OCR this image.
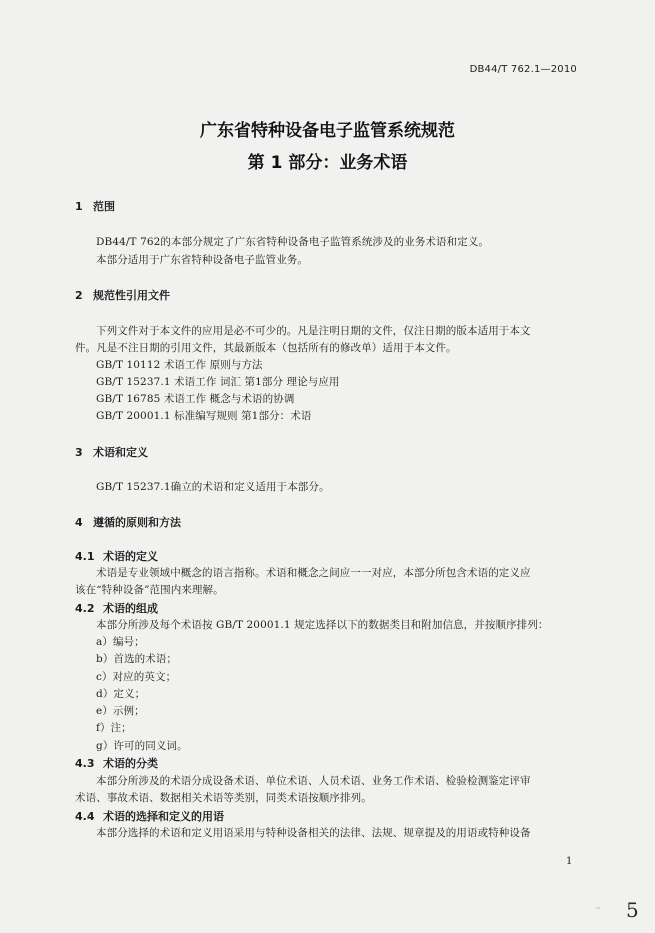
DB44/T 762.1—2010
广东省特种设备电子监管系统规范
第 1 部分：业务术语
1 范围
DB44/T 762的本部分规定了广东省特种设备电子监管系统涉及的业务术语和定义。
本部分适用于广东省特种设备电子监管业务。
2 规范性引用文件
下列文件对于本文件的应用是必不可少的。凡是注明日期的文件，仅注日期的版本适用于本文
件。凡是不注日期的引用文件，其最新版本（包括所有的修改单）适用于本文件。
GB/T 10112 术语工作 原则与方法
GB/T 15237.1 术语工作 词汇 第1部分 理论与应用
GB/T 16785 术语工作 概念与术语的协调
GB/T 20001.1 标准编写规则 第1部分：术语
3 术语和定义
GB/T 15237.1确立的术语和定义适用于本部分。
4 遵循的原则和方法
4.1 术语的定义
术语是专业领域中概念的语言指称。术语和概念之间应一一对应，本部分所包含术语的定义应
该在“特种设备”范围内来理解。
4.2 术语的组成
本部分所涉及每个术语按 GB/T 20001.1 规定选择以下的数据类目和附加信息，并按顺序排列：
a）编号；
b）首选的术语；
c）对应的英文；
d）定义；
e）示例；
f）注；
g）许可的同义词。
4.3 术语的分类
本部分所涉及的术语分成设备术语、单位术语、人员术语、业务工作术语、检验检测鉴定评审
术语、事故术语、数据相关术语等类别，同类术语按顺序排列。
4.4 术语的选择和定义的用语
本部分选择的术语和定义用语采用与特种设备相关的法律、法规、规章提及的用语或特种设备
1
⸱⸱ 5
